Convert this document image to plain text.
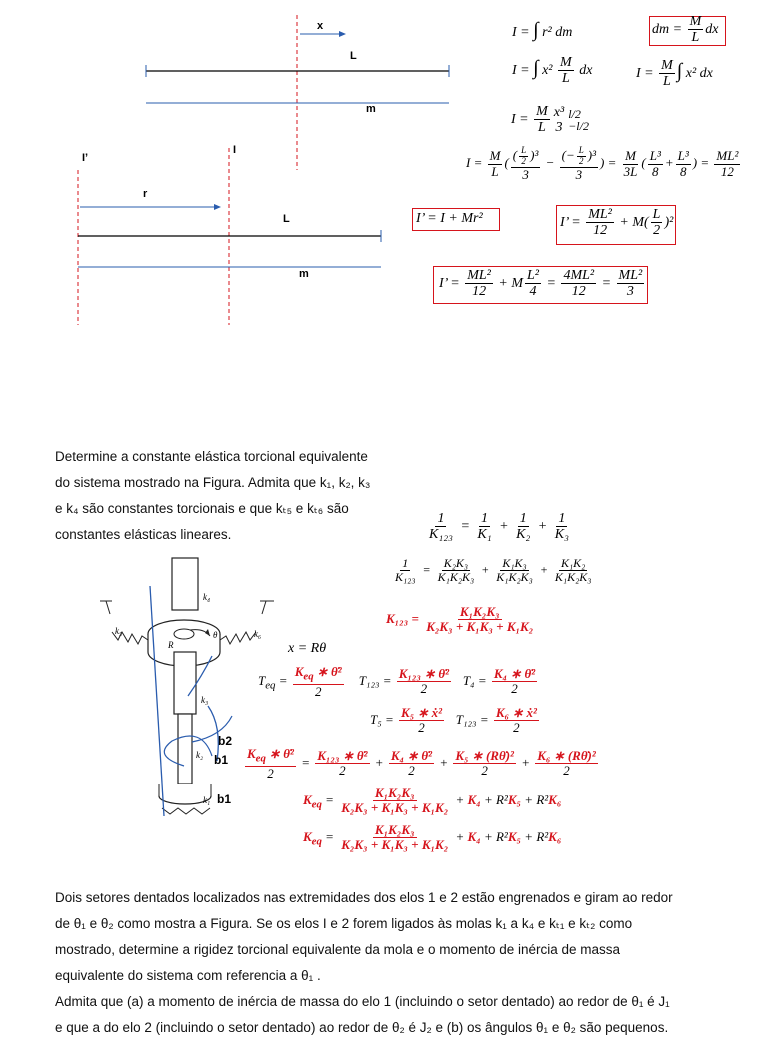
x
L
m
I’
I
r
L
m
I = ∫ r² dm	dm = $\frac{M}{L}$ dx
I = ∫ $x^2 \frac{M}{L}$ dx	$I = \frac{M}{L}$ ∫ x² dx
$I = \frac{M}{L} x^3$
3
l/2
−l/2
$I = \frac{M}{L}$ ( $\frac{( \frac{L}{2} )^3}{3} - \frac{(- \frac{L}{2} )^3}{3}$ ) = $\frac{M}{3L}$ ( $\frac{\text{L³}}{8} + \frac{\text{L³}}{8}$ ) = $\frac{\text{ML²}}{12}$
I’ = I + Mr²	I’ = $\frac{\text{ML²}}{12} + M( \frac{L}{2} )^2$
I’ = $\frac{\text{ML²}}{12} + M \frac{\text{L²}}{4} = \frac{\text{4ML²}}{12} = \frac{\text{ML²}}{3}$
Determine a constante elástica torcional equivalente
do sistema mostrado na Figura. Admita que k₁, k₂, k₃
e k₄ são constantes torcionais e que kₜ₅ e kₜ₆ são
constantes elásticas lineares.
k₄
k₅	k₆
R
θ
k₃
k₂
k₁
b2
b1
b1
$\frac{1}{\text{K₁₂₃}} = \frac{1}{\text{K₁}} + \frac{1}{\text{K₂}} + \frac{1}{\text{K₃}}$
$\frac{1}{\text{K₁₂₃}} = \frac{\text{K₂K₃}}{\text{K₁K₂K₃}} + \frac{\text{K₁K₃}}{\text{K₁K₂K₃}} + \frac{\text{K₁K₂}}{\text{K₁K₂K₃}}$
$K_{123} = \frac{\text{K₁K₂K₃}}{\text{K₂K₃ + K₁K₃ + K₁K₂}}$
x = Rθ
$T_{eq} = \frac{K_{eq} ∗ \thetȧ^2}{2} T_{123} = \frac{\text{K₁₂₃ ∗ θ̇²}}{2} T_4 = \frac{\text{K₄ ∗ θ̇²}}{2}$
$T_5 = \frac{\text{K₅ ∗ ẋ²}}{2} T_{123} = \frac{\text{K₆ ∗ ẋ²}}{2}$
$\frac{K_{eq} ∗ \thetȧ^2}{2} = \frac{\text{K₁₂₃ ∗ θ̇²}}{2} + \frac{\text{K₄ ∗ θ̇²}}{2} + \frac{\text{K₅ ∗ (Rθ̇)²}}{2} + \frac{\text{K₆ ∗ (Rθ̇)²}}{2}$
$K_{eq} = \frac{\text{K₁K₂K₃}}{\text{K₂K₃ + K₁K₃ + K₁K₂}} + K_4 + R^2K_5 + R^2K_6$
$K_{eq} = \frac{\text{K₁K₂K₃}}{\text{K₂K₃ + K₁K₃ + K₁K₂}} + K_4 + R^2K_5 + R^2K_6$
Dois setores dentados localizados nas extremidades dos elos 1 e 2 estão engrenados e giram ao redor
de θ₁ e θ₂ como mostra a Figura. Se os elos I e 2 forem ligados às molas k₁ a k₄ e kₜ₁ e kₜ₂ como
mostrado, determine a rigidez torcional equivalente da mola e o momento de inércia de massa
equivalente do sistema com referencia a θ₁ .
Admita que (a) a momento de inércia de massa do elo 1 (incluindo o setor dentado) ao redor de θ₁ é J₁
e que a do elo 2 (incluindo o setor dentado) ao redor de θ₂ é J₂ e (b) os ângulos θ₁ e θ₂ são pequenos.
